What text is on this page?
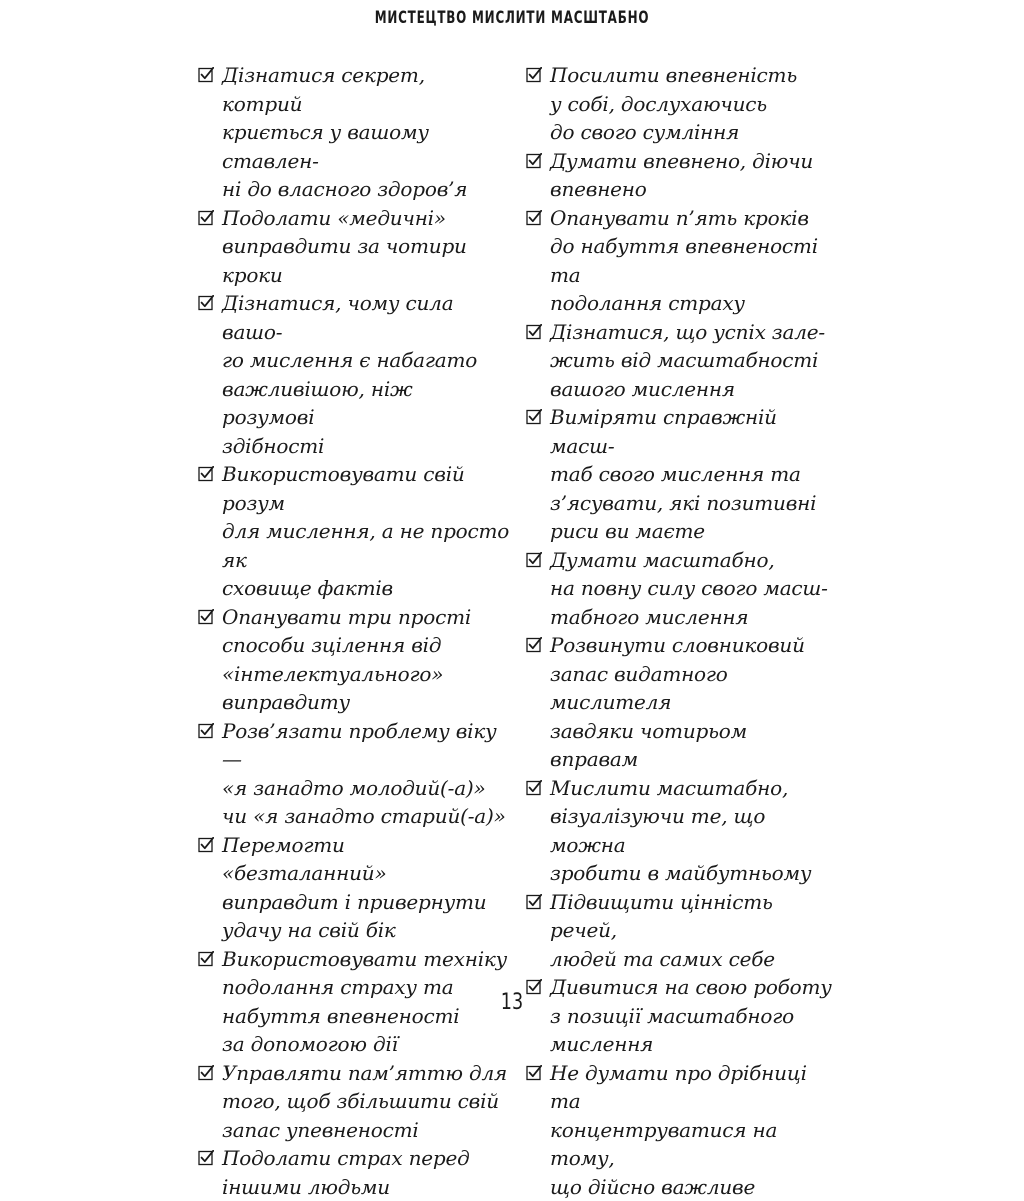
МИСТЕЦТВО МИСЛИТИ МАСШТАБНО
Дізнатися секрет, котрий
криється у вашому ставлен-
ні до власного здоров’я
Подолати «медичні»
виправдити за чотири
кроки
Дізнатися, чому сила вашо-
го мислення є набагато
важливішою, ніж розумові
здібності
Використовувати свій розум
для мислення, а не просто як
сховище фактів
Опанувати три прості
способи зцілення від
«інтелектуального»
виправдиту
Розв’язати проблему віку —
«я занадто молодий(-а)»
чи «я занадто старий(-а)»
Перемогти «безталанний»
виправдит і привернути
удачу на свій бік
Використовувати техніку
подолання страху та
набуття впевненості
за допомогою дії
Управляти пам’яттю для
того, щоб збільшити свій
запас упевненості
Подолати страх перед
іншими людьми
Посилити впевненість
у собі, дослухаючись
до свого сумління
Думати впевнено, діючи
впевнено
Опанувати п’ять кроків
до набуття впевненості та
подолання страху
Дізнатися, що успіх зале-
жить від масштабності
вашого мислення
Виміряти справжній масш-
таб свого мислення та
з’ясувати, які позитивні
риси ви маєте
Думати масштабно,
на повну силу свого масш-
табного мислення
Розвинути словниковий
запас видатного мислителя
завдяки чотирьом вправам
Мислити масштабно,
візуалізуючи те, що можна
зробити в майбутньому
Підвищити цінність речей,
людей та самих себе
Дивитися на свою роботу
з позиції масштабного
мислення
Не думати про дрібниці та
концентруватися на тому,
що дійсно важливе
13
